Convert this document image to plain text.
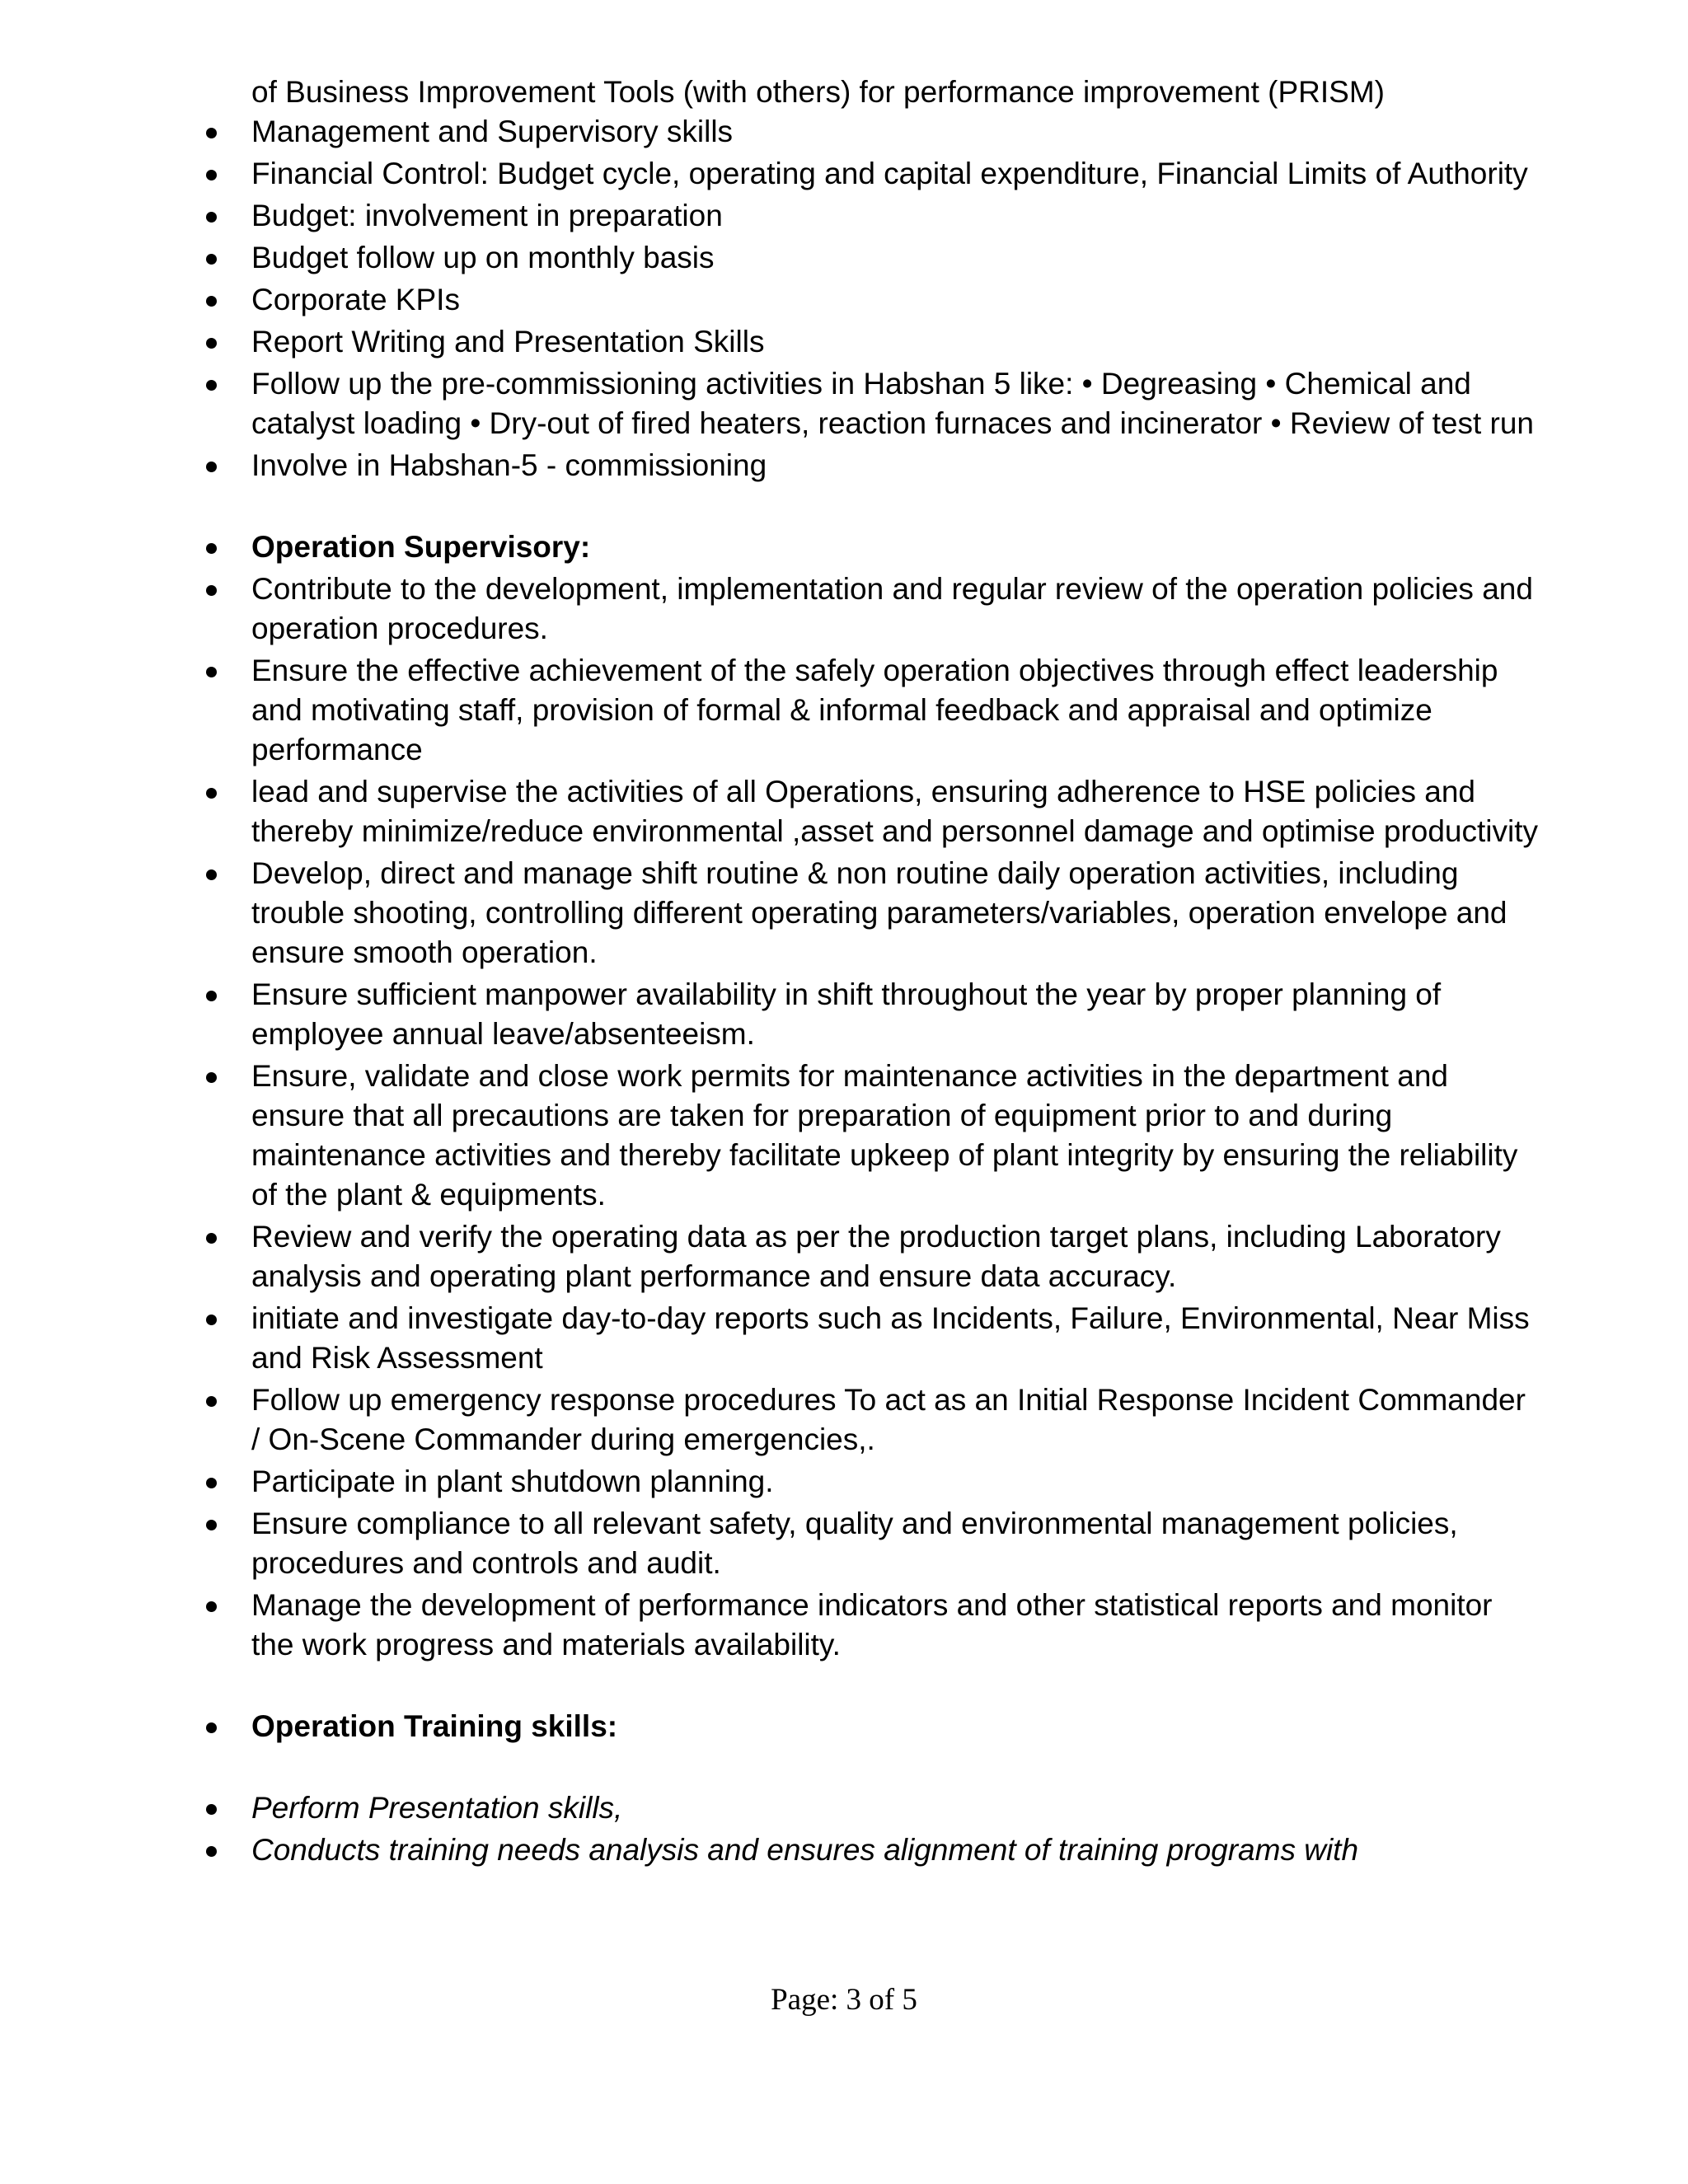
of Business Improvement Tools (with others) for performance improvement (PRISM)
Management and Supervisory skills
Financial Control: Budget cycle, operating and capital expenditure, Financial Limits of Authority
Budget: involvement in preparation
Budget follow up on monthly basis
Corporate KPIs
Report Writing and Presentation Skills
Follow up the pre-commissioning activities in Habshan 5 like: • Degreasing • Chemical and catalyst loading • Dry-out of fired heaters, reaction furnaces and incinerator • Review of test run
Involve in Habshan-5 - commissioning
Operation Supervisory:
Contribute to the development, implementation and regular review of the operation policies and operation procedures.
Ensure the effective achievement of the safely operation objectives through effect leadership and motivating staff, provision of formal & informal feedback and appraisal and optimize performance
lead and supervise the activities of all Operations, ensuring adherence to HSE policies and thereby minimize/reduce environmental ,asset and personnel damage and optimise productivity
Develop, direct and manage shift routine & non routine daily operation activities, including trouble shooting, controlling different operating parameters/variables, operation envelope and ensure smooth operation.
Ensure sufficient manpower availability in shift throughout the year by proper planning of employee annual leave/absenteeism.
Ensure, validate and close work permits for maintenance activities in the department and ensure that all precautions are taken for preparation of equipment prior to and during maintenance activities and thereby facilitate upkeep of plant integrity by ensuring the reliability of the plant & equipments.
Review and verify the operating data as per the production target plans, including Laboratory analysis and operating plant performance and ensure data accuracy.
initiate and investigate day-to-day reports such as Incidents, Failure, Environmental, Near Miss and Risk Assessment
Follow up emergency response procedures To act as an Initial Response Incident Commander / On-Scene Commander during emergencies,.
Participate in plant shutdown planning.
Ensure compliance to all relevant safety, quality and environmental management policies, procedures and controls and audit.
Manage the development of performance indicators and other statistical reports and monitor the work progress and materials availability.
Operation Training skills:
Perform Presentation skills,
Conducts training needs analysis and ensures alignment of training programs with
Page: 3 of 5
